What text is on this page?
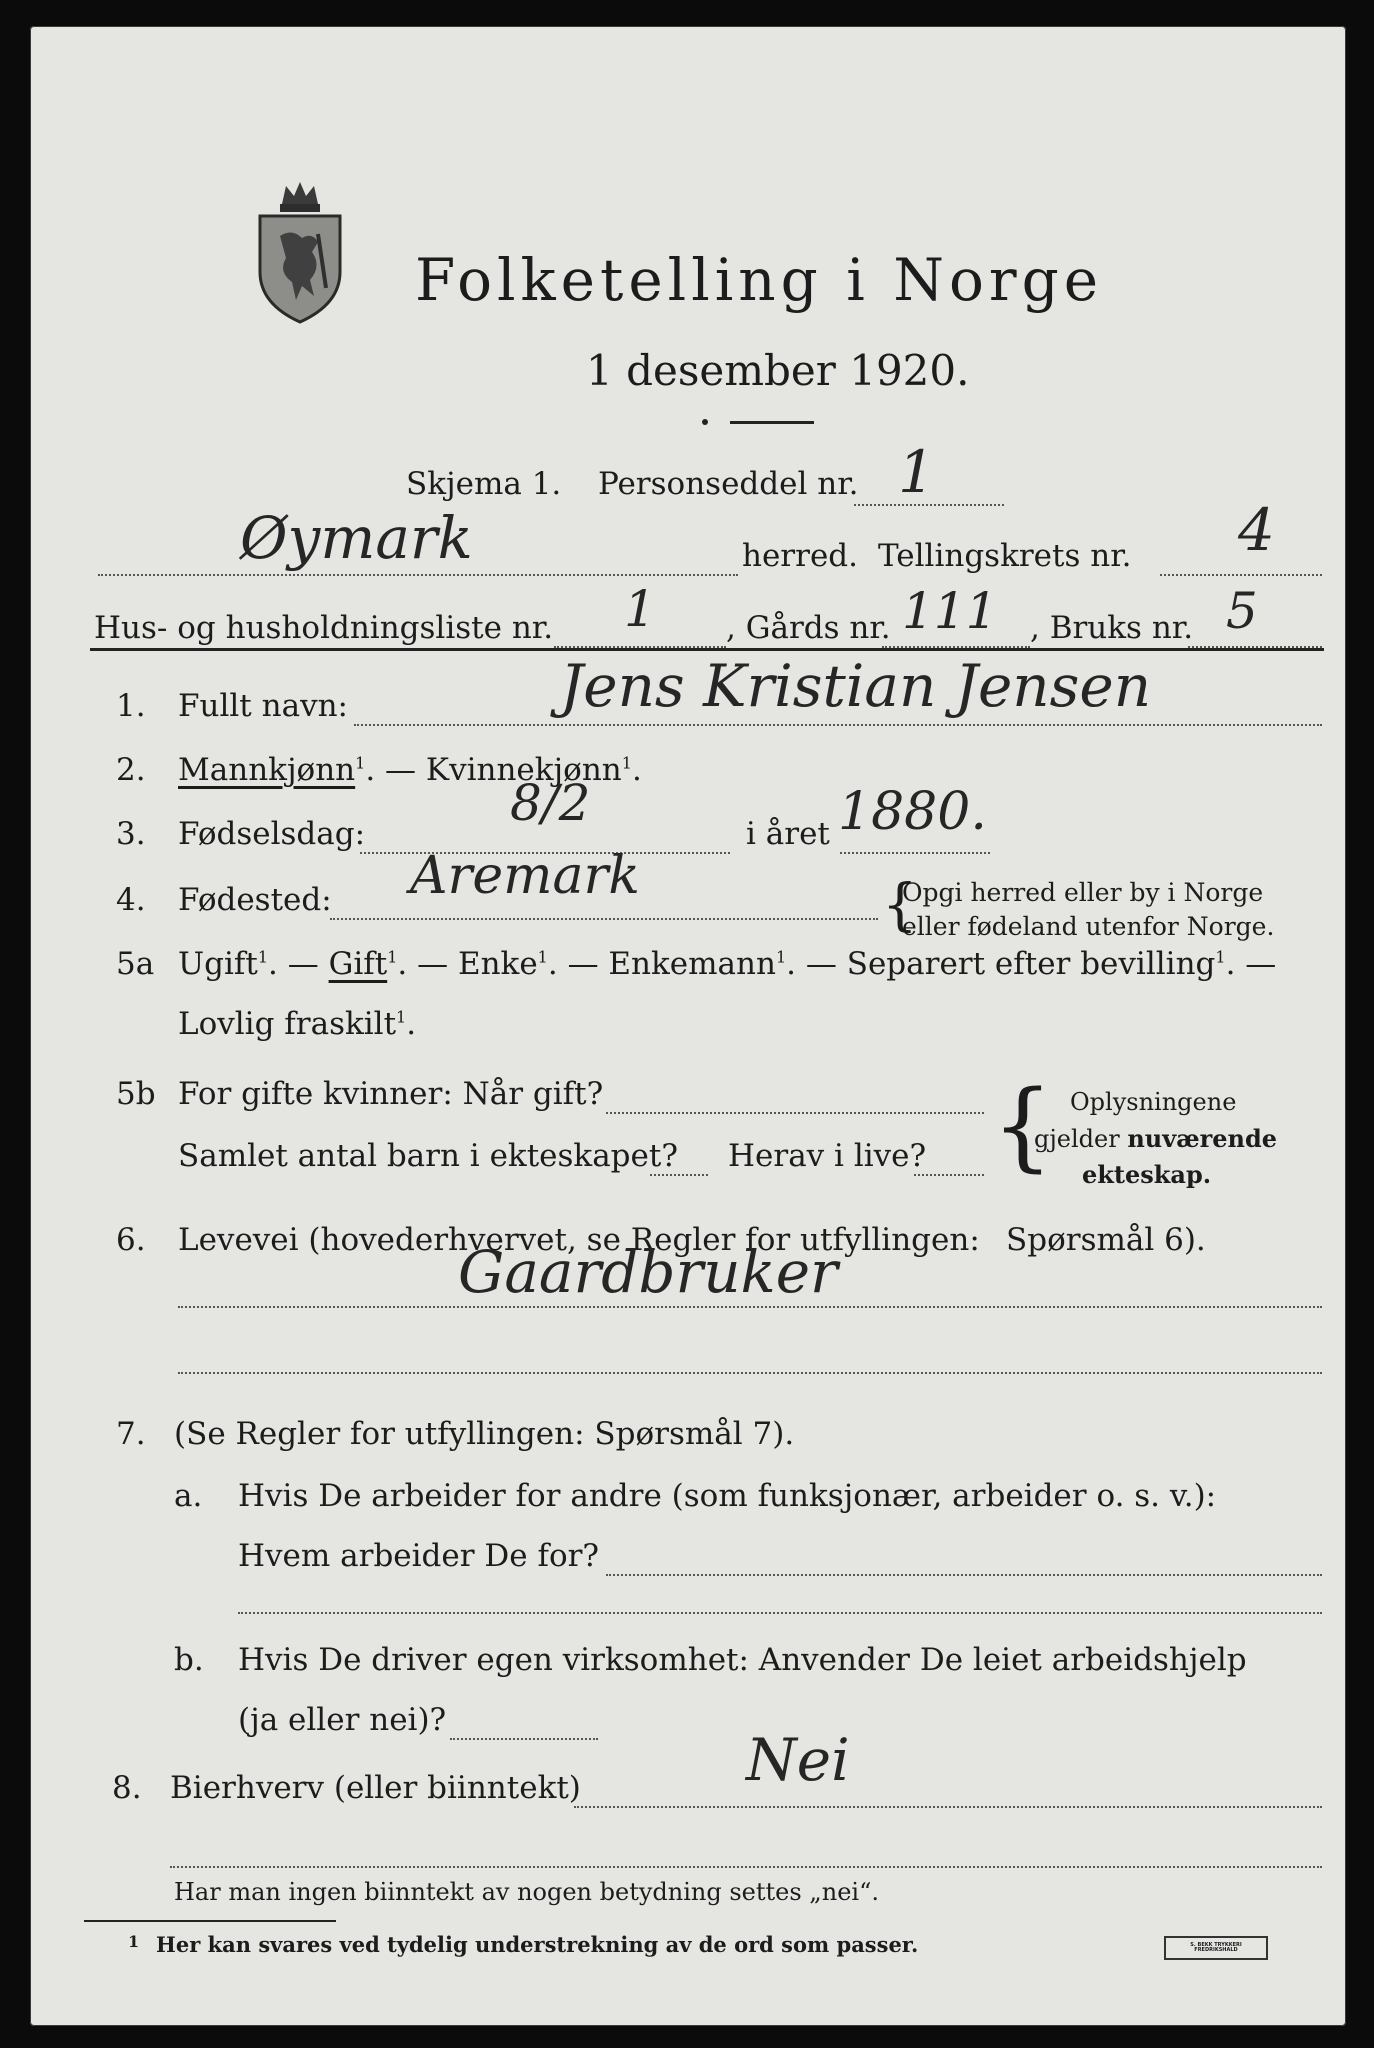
Folketelling i Norge
1 desember 1920.
Skjema 1. Personseddel nr. 1
Øymark	herred. Tellingskrets nr. 4
Hus- og husholdningsliste nr. 1 , Gårds nr. 111 , Bruks nr. 5
1. Fullt navn:	Jens Kristian Jensen
2. Mannkjønn$^1$. — Kvinnekjønn$^1$.
3. Fødselsdag:
8/2
i året 1880.
4. Fødested: Aremark	{
Opgi herred eller by i Norge
eller fødeland utenfor Norge.
5a Ugift$^1$. — Gift$^1$. — Enke$^1$. — Enkemann$^1$. — Separert efter bevilling$^1$. —
Lovlig fraskilt$^1$.
5b For gifte kvinner: Når gift?
Samlet antal barn i ekteskapet? Herav i live? { Oplysningene
gjelder nuværende
ekteskap.
6. Levevei (hovederhvervet, se Regler for utfyllingen: Spørsmål 6).
Gaardbruker
7. (Se Regler for utfyllingen: Spørsmål 7).
a. Hvis De arbeider for andre (som funksjonær, arbeider o. s. v.):
Hvem arbeider De for?
b. Hvis De driver egen virksomhet: Anvender De leiet arbeidshjelp
(ja eller nei)?
8. Bierhverv (eller biinntekt)	Nei
Har man ingen biinntekt av nogen betydning settes „nei“.
1 Her kan svares ved tydelig understrekning av de ord som passer.	S. BEKK TRYKKERI FREDRIKSHALD
